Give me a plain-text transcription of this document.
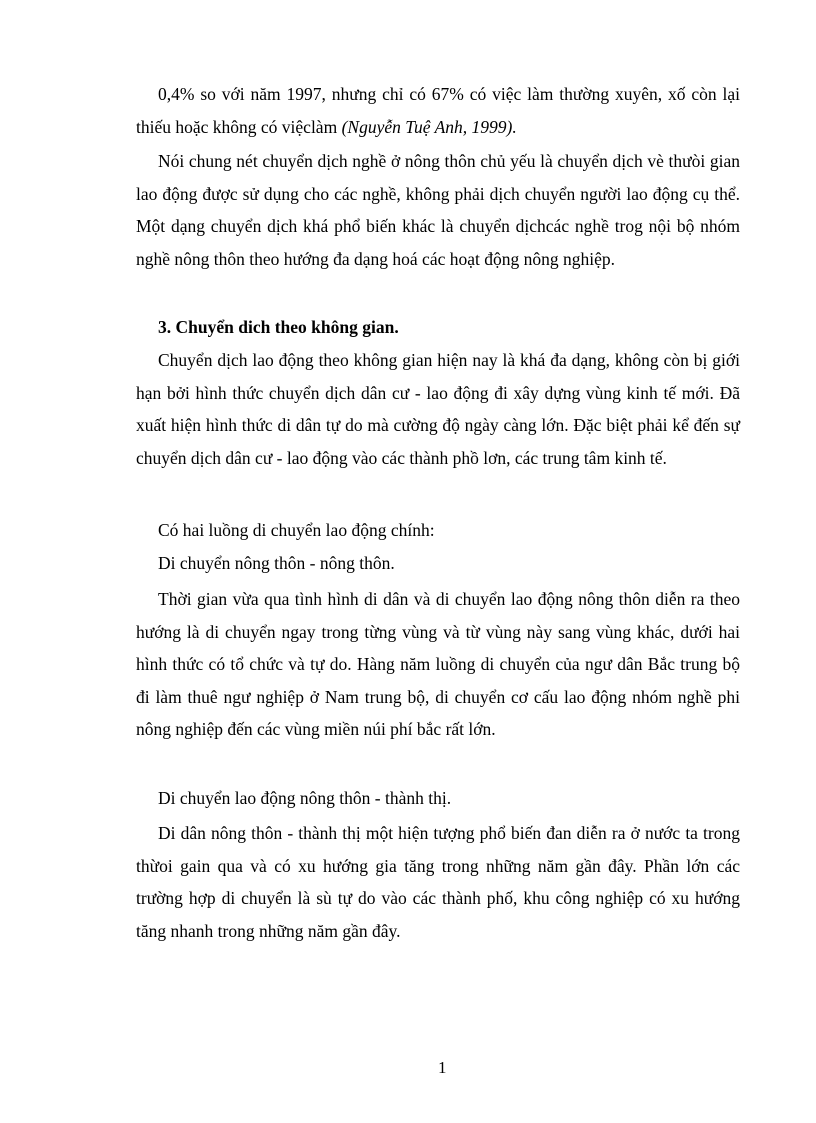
0,4% so với năm 1997, nhưng chỉ có 67% có việc làm thường xuyên, xố còn lại thiếu hoặc không có việclàm (Nguyễn Tuệ Anh, 1999).

Nói chung nét chuyển dịch nghề ở nông thôn chủ yếu là chuyển dịch vè thưòi gian lao động được sử dụng cho các nghề, không phải dịch chuyển người lao động cụ thể. Một dạng chuyển dịch khá phổ biến khác là chuyển dịchcác nghề trog nội bộ nhóm nghề nông thôn theo hướng đa dạng hoá các hoạt động nông nghiệp.

3. Chuyển dich theo không gian.

Chuyển dịch lao động theo không gian hiện nay là khá đa dạng, không còn bị giới hạn bởi hình thức chuyển dịch dân cư - lao động đi xây dựng vùng kinh tế mới. Đã xuất hiện hình thức di dân tự do mà cường độ ngày càng lớn. Đặc biệt phải kể đến sự chuyển dịch dân cư - lao động vào các thành phồ lơn, các trung tâm kinh tế.

Có hai luồng di chuyển lao động chính:

Di chuyển nông thôn - nông thôn.

Thời gian vừa qua tình hình di dân và di chuyển lao động nông thôn diễn ra theo hướng là di chuyển ngay trong từng vùng và từ vùng này sang vùng khác, dưới hai hình thức có tổ chức và tự do. Hàng năm luồng di chuyển của ngư dân Bắc trung bộ đi làm thuê ngư nghiệp ở Nam trung bộ, di chuyển cơ cấu lao động nhóm nghề phi nông nghiệp đến các vùng miền núi phí bắc rất lớn.

Di chuyển lao động nông thôn - thành thị.

Di dân nông thôn - thành thị một hiện tượng phổ biến đan diễn ra ở nước ta trong thừoi gain qua và có xu hướng gia tăng trong những năm gần đây. Phần lớn các trường hợp di chuyển là sù tự do vào các thành phố, khu công nghiệp có xu hướng tăng nhanh trong những năm gần đây.

1
